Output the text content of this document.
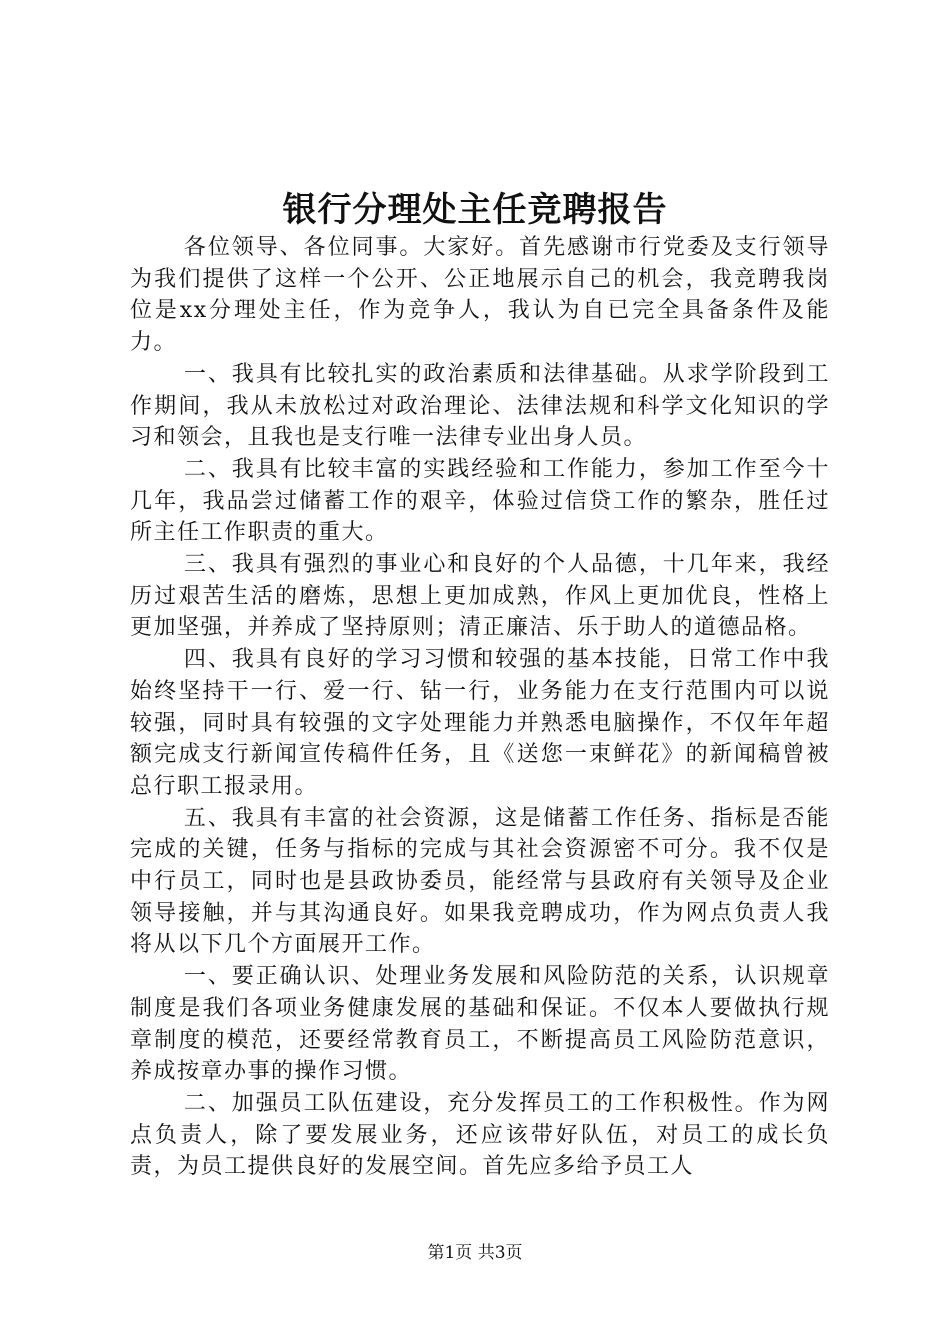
银行分理处主任竞聘报告

各位领导、各位同事。大家好。首先感谢市行党委及支行领导为我们提供了这样一个公开、公正地展示自己的机会，我竞聘我岗位是xx分理处主任，作为竞争人，我认为自已完全具备条件及能力。

一、我具有比较扎实的政治素质和法律基础。从求学阶段到工作期间，我从未放松过对政治理论、法律法规和科学文化知识的学习和领会，且我也是支行唯一法律专业出身人员。

二、我具有比较丰富的实践经验和工作能力，参加工作至今十几年，我品尝过储蓄工作的艰辛，体验过信贷工作的繁杂，胜任过所主任工作职责的重大。

三、我具有强烈的事业心和良好的个人品德，十几年来，我经历过艰苦生活的磨炼，思想上更加成熟，作风上更加优良，性格上更加坚强，并养成了坚持原则；清正廉洁、乐于助人的道德品格。

四、我具有良好的学习习惯和较强的基本技能，日常工作中我始终坚持干一行、爱一行、钻一行，业务能力在支行范围内可以说较强，同时具有较强的文字处理能力并熟悉电脑操作，不仅年年超额完成支行新闻宣传稿件任务，且《送您一束鲜花》的新闻稿曾被总行职工报录用。

五、我具有丰富的社会资源，这是储蓄工作任务、指标是否能完成的关键，任务与指标的完成与其社会资源密不可分。我不仅是中行员工，同时也是县政协委员，能经常与县政府有关领导及企业领导接触，并与其沟通良好。如果我竞聘成功，作为网点负责人我将从以下几个方面展开工作。

一、要正确认识、处理业务发展和风险防范的关系，认识规章制度是我们各项业务健康发展的基础和保证。不仅本人要做执行规章制度的模范，还要经常教育员工，不断提高员工风险防范意识，养成按章办事的操作习惯。

二、加强员工队伍建设，充分发挥员工的工作积极性。作为网点负责人，除了要发展业务，还应该带好队伍，对员工的成长负责，为员工提供良好的发展空间。首先应多给予员工人

第1页 共3页
